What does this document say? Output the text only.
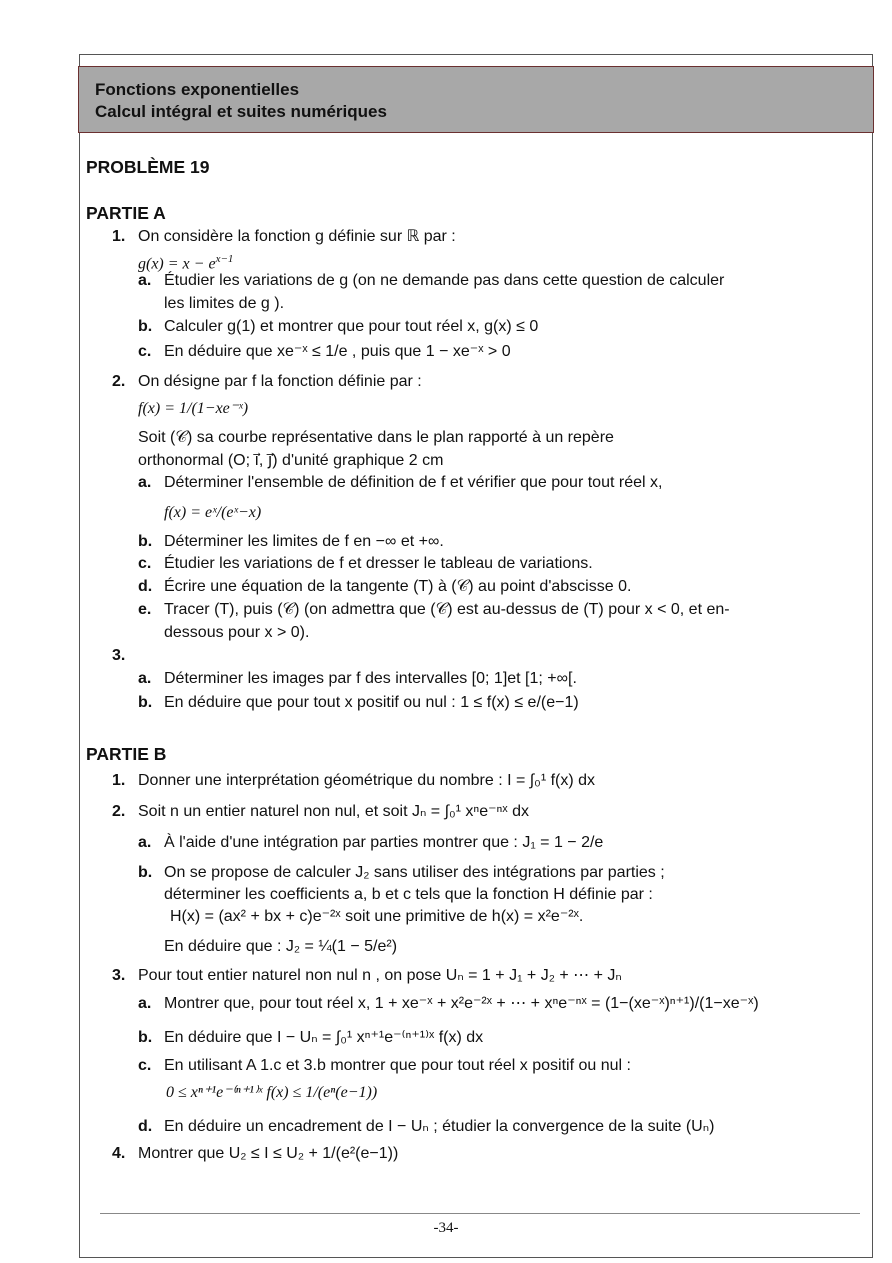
Fonctions exponentielles
Calcul intégral et suites numériques
PROBLÈME 19
PARTIE A
1. On considère la fonction g définie sur ℝ par :
$g(x) = x - e^{x-1}$
a. Étudier les variations de g (on ne demande pas dans cette question de calculer
les limites de g ).
b. Calculer g(1) et montrer que pour tout réel x, g(x) ≤ 0
c. En déduire que xe⁻ˣ ≤ 1/e , puis que 1 − xe⁻ˣ > 0
2. On désigne par f la fonction définie par :
f(x) = 1/(1−xe⁻ˣ)
Soit (𝒞) sa courbe représentative dans le plan rapporté à un repère
orthonormal (O; i⃗, j⃗) d'unité graphique 2 cm
a. Déterminer l'ensemble de définition de f et vérifier que pour tout réel x,
f(x) = eˣ/(eˣ−x)
b. Déterminer les limites de f en −∞ et +∞.
c. Étudier les variations de f et dresser le tableau de variations.
d. Écrire une équation de la tangente (T) à (𝒞) au point d'abscisse 0.
e. Tracer (T), puis (𝒞) (on admettra que (𝒞) est au-dessus de (T) pour x < 0, et en-
dessous pour x > 0).
3.
a. Déterminer les images par f des intervalles [0; 1]et [1; +∞[.
b. En déduire que pour tout x positif ou nul : 1 ≤ f(x) ≤ e/(e−1)
PARTIE B
1. Donner une interprétation géométrique du nombre : I = ∫₀¹ f(x) dx
2. Soit n un entier naturel non nul, et soit Jₙ = ∫₀¹ xⁿe⁻ⁿˣ dx
a. À l'aide d'une intégration par parties montrer que : J₁ = 1 − 2/e
b. On se propose de calculer J₂ sans utiliser des intégrations par parties ;
déterminer les coefficients a, b et c tels que la fonction H définie par :
H(x) = (ax² + bx + c)e⁻²ˣ soit une primitive de h(x) = x²e⁻²ˣ.
En déduire que : J₂ = ¼(1 − 5/e²)
3. Pour tout entier naturel non nul n , on pose Uₙ = 1 + J₁ + J₂ + ⋯ + Jₙ
a. Montrer que, pour tout réel x, 1 + xe⁻ˣ + x²e⁻²ˣ + ⋯ + xⁿe⁻ⁿˣ = (1−(xe⁻ˣ)ⁿ⁺¹)/(1−xe⁻ˣ)
b. En déduire que I − Uₙ = ∫₀¹ xⁿ⁺¹e⁻⁽ⁿ⁺¹⁾ˣ f(x) dx
c. En utilisant A 1.c et 3.b montrer que pour tout réel x positif ou nul :
0 ≤ xⁿ⁺¹e⁻⁽ⁿ⁺¹⁾ˣ f(x) ≤ 1/(eⁿ(e−1))
d. En déduire un encadrement de I − Uₙ ; étudier la convergence de la suite (Uₙ)
4. Montrer que U₂ ≤ I ≤ U₂ + 1/(e²(e−1))
-34-
